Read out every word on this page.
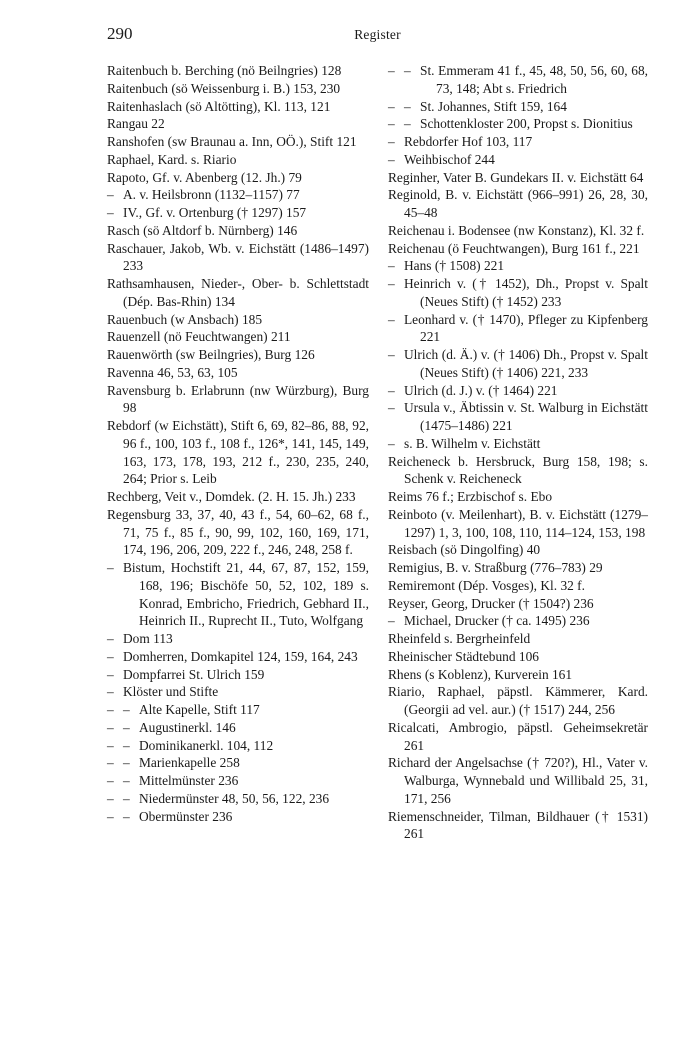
290	Register

Raitenbuch b. Berching (nö Beilngries) 128

Raitenbuch (sö Weissenburg i. B.) 153, 230

Raitenhaslach (sö Altötting), Kl. 113, 121

Rangau 22

Ranshofen (sw Braunau a. Inn, OÖ.), Stift 121

Raphael, Kard. s. Riario

Rapoto, Gf. v. Abenberg (12. Jh.) 79

– A. v. Heilsbronn (1132–1157) 77

– IV., Gf. v. Ortenburg († 1297) 157

Rasch (sö Altdorf b. Nürnberg) 146

Raschauer, Jakob, Wb. v. Eichstätt (1486–1497) 233

Rathsamhausen, Nieder-, Ober- b. Schlettstadt (Dép. Bas-Rhin) 134

Rauenbuch (w Ansbach) 185

Rauenzell (nö Feuchtwangen) 211

Rauenwörth (sw Beilngries), Burg 126

Ravenna 46, 53, 63, 105

Ravensburg b. Erlabrunn (nw Würzburg), Burg 98

Rebdorf (w Eichstätt), Stift 6, 69, 82–86, 88, 92, 96 f., 100, 103 f., 108 f., 126*, 141, 145, 149, 163, 173, 178, 193, 212 f., 230, 235, 240, 264; Prior s. Leib

Rechberg, Veit v., Domdek. (2. H. 15. Jh.) 233

Regensburg 33, 37, 40, 43 f., 54, 60–62, 68 f., 71, 75 f., 85 f., 90, 99, 102, 160, 169, 171, 174, 196, 206, 209, 222 f., 246, 248, 258 f.

– Bistum, Hochstift 21, 44, 67, 87, 152, 159, 168, 196; Bischöfe 50, 52, 102, 189 s. Konrad, Embricho, Friedrich, Gebhard II., Heinrich II., Ruprecht II., Tuto, Wolfgang

– Dom 113

– Domherren, Domkapitel 124, 159, 164, 243

– Dompfarrei St. Ulrich 159

– Klöster und Stifte

– – Alte Kapelle, Stift 117

– – Augustinerkl. 146

– – Dominikanerkl. 104, 112

– – Marienkapelle 258

– – Mittelmünster 236

– – Niedermünster 48, 50, 56, 122, 236

– – Obermünster 236

– – St. Emmeram 41 f., 45, 48, 50, 56, 60, 68, 73, 148; Abt s. Friedrich

– – St. Johannes, Stift 159, 164

– – Schottenkloster 200, Propst s. Dionitius

– Rebdorfer Hof 103, 117

– Weihbischof 244

Reginher, Vater B. Gundekars II. v. Eichstätt 64

Reginold, B. v. Eichstätt (966–991) 26, 28, 30, 45–48

Reichenau i. Bodensee (nw Konstanz), Kl. 32 f.

Reichenau (ö Feuchtwangen), Burg 161 f., 221

– Hans († 1508) 221

– Heinrich v. († 1452), Dh., Propst v. Spalt (Neues Stift) († 1452) 233

– Leonhard v. († 1470), Pfleger zu Kipfenberg 221

– Ulrich (d. Ä.) v. († 1406) Dh., Propst v. Spalt (Neues Stift) († 1406) 221, 233

– Ulrich (d. J.) v. († 1464) 221

– Ursula v., Äbtissin v. St. Walburg in Eichstätt (1475–1486) 221

– s. B. Wilhelm v. Eichstätt

Reicheneck b. Hersbruck, Burg 158, 198; s. Schenk v. Reicheneck

Reims 76 f.; Erzbischof s. Ebo

Reinboto (v. Meilenhart), B. v. Eichstätt (1279–1297) 1, 3, 100, 108, 110, 114–124, 153, 198

Reisbach (sö Dingolfing) 40

Remigius, B. v. Straßburg (776–783) 29

Remiremont (Dép. Vosges), Kl. 32 f.

Reyser, Georg, Drucker († 1504?) 236

– Michael, Drucker († ca. 1495) 236

Rheinfeld s. Bergrheinfeld

Rheinischer Städtebund 106

Rhens (s Koblenz), Kurverein 161

Riario, Raphael, päpstl. Kämmerer, Kard. (Georgii ad vel. aur.) († 1517) 244, 256

Ricalcati, Ambrogio, päpstl. Geheimsekretär 261

Richard der Angelsachse († 720?), Hl., Vater v. Walburga, Wynnebald und Willibald 25, 31, 171, 256

Riemenschneider, Tilman, Bildhauer († 1531) 261
